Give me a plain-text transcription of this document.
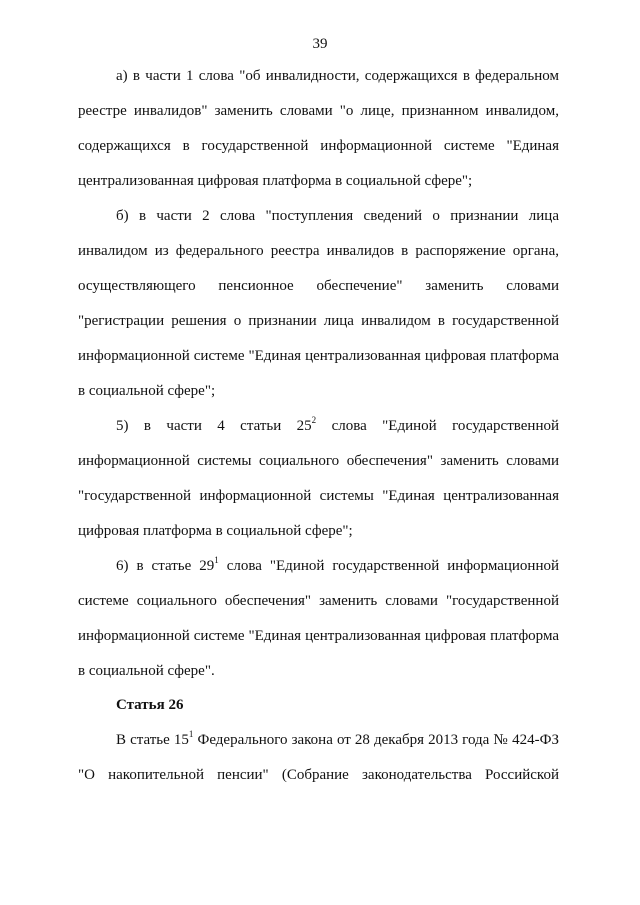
39
а) в части 1 слова "об инвалидности, содержащихся в федеральном
реестре инвалидов" заменить словами "о лице, признанном инвалидом,
содержащихся в государственной информационной системе "Единая
централизованная цифровая платформа в социальной сфере";
б) в части 2 слова "поступления сведений о признании лица
инвалидом из федерального реестра инвалидов в распоряжение органа,
осуществляющего пенсионное обеспечение" заменить словами
"регистрации решения о признании лица инвалидом в государственной
информационной системе "Единая централизованная цифровая платформа
в социальной сфере";
5) в части 4 статьи $25^2$ слова "Единой государственной
информационной системы социального обеспечения" заменить словами
"государственной информационной системы "Единая централизованная
цифровая платформа в социальной сфере";
6) в статье $29^1$ слова "Единой государственной информационной
системе социального обеспечения" заменить словами "государственной
информационной системе "Единая централизованная цифровая платформа
в социальной сфере".
Статья 26
В статье $15^1$ Федерального закона от 28 декабря 2013 года № 424-ФЗ
"О накопительной пенсии" (Собрание законодательства Российской
